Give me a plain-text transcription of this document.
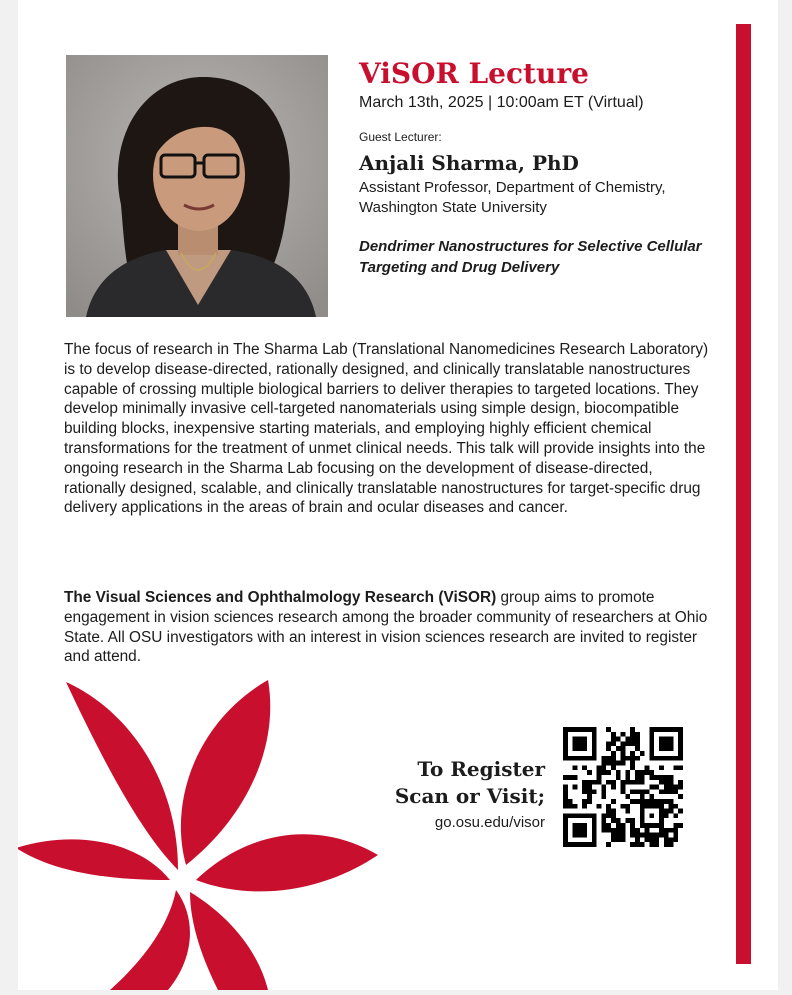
ViSOR Lecture
March 13th, 2025 | 10:00am ET (Virtual)
Guest Lecturer:
Anjali Sharma, PhD
Assistant Professor, Department of Chemistry, Washington State University
Dendrimer Nanostructures for Selective Cellular Targeting and Drug Delivery

The focus of research in The Sharma Lab (Translational Nanomedicines Research Laboratory) is to develop disease-directed, rationally designed, and clinically translatable nanostructures capable of crossing multiple biological barriers to deliver therapies to targeted locations. They develop minimally invasive cell-targeted nanomaterials using simple design, biocompatible building blocks, inexpensive starting materials, and employing highly efficient chemical transformations for the treatment of unmet clinical needs. This talk will provide insights into the ongoing research in the Sharma Lab focusing on the development of disease-directed, rationally designed, scalable, and clinically translatable nanostructures for target-specific drug delivery applications in the areas of brain and ocular diseases and cancer.

The Visual Sciences and Ophthalmology Research (ViSOR) group aims to promote engagement in vision sciences research among the broader community of researchers at Ohio State. All OSU investigators with an interest in vision sciences research are invited to register and attend.

To Register
Scan or Visit;
go.osu.edu/visor
